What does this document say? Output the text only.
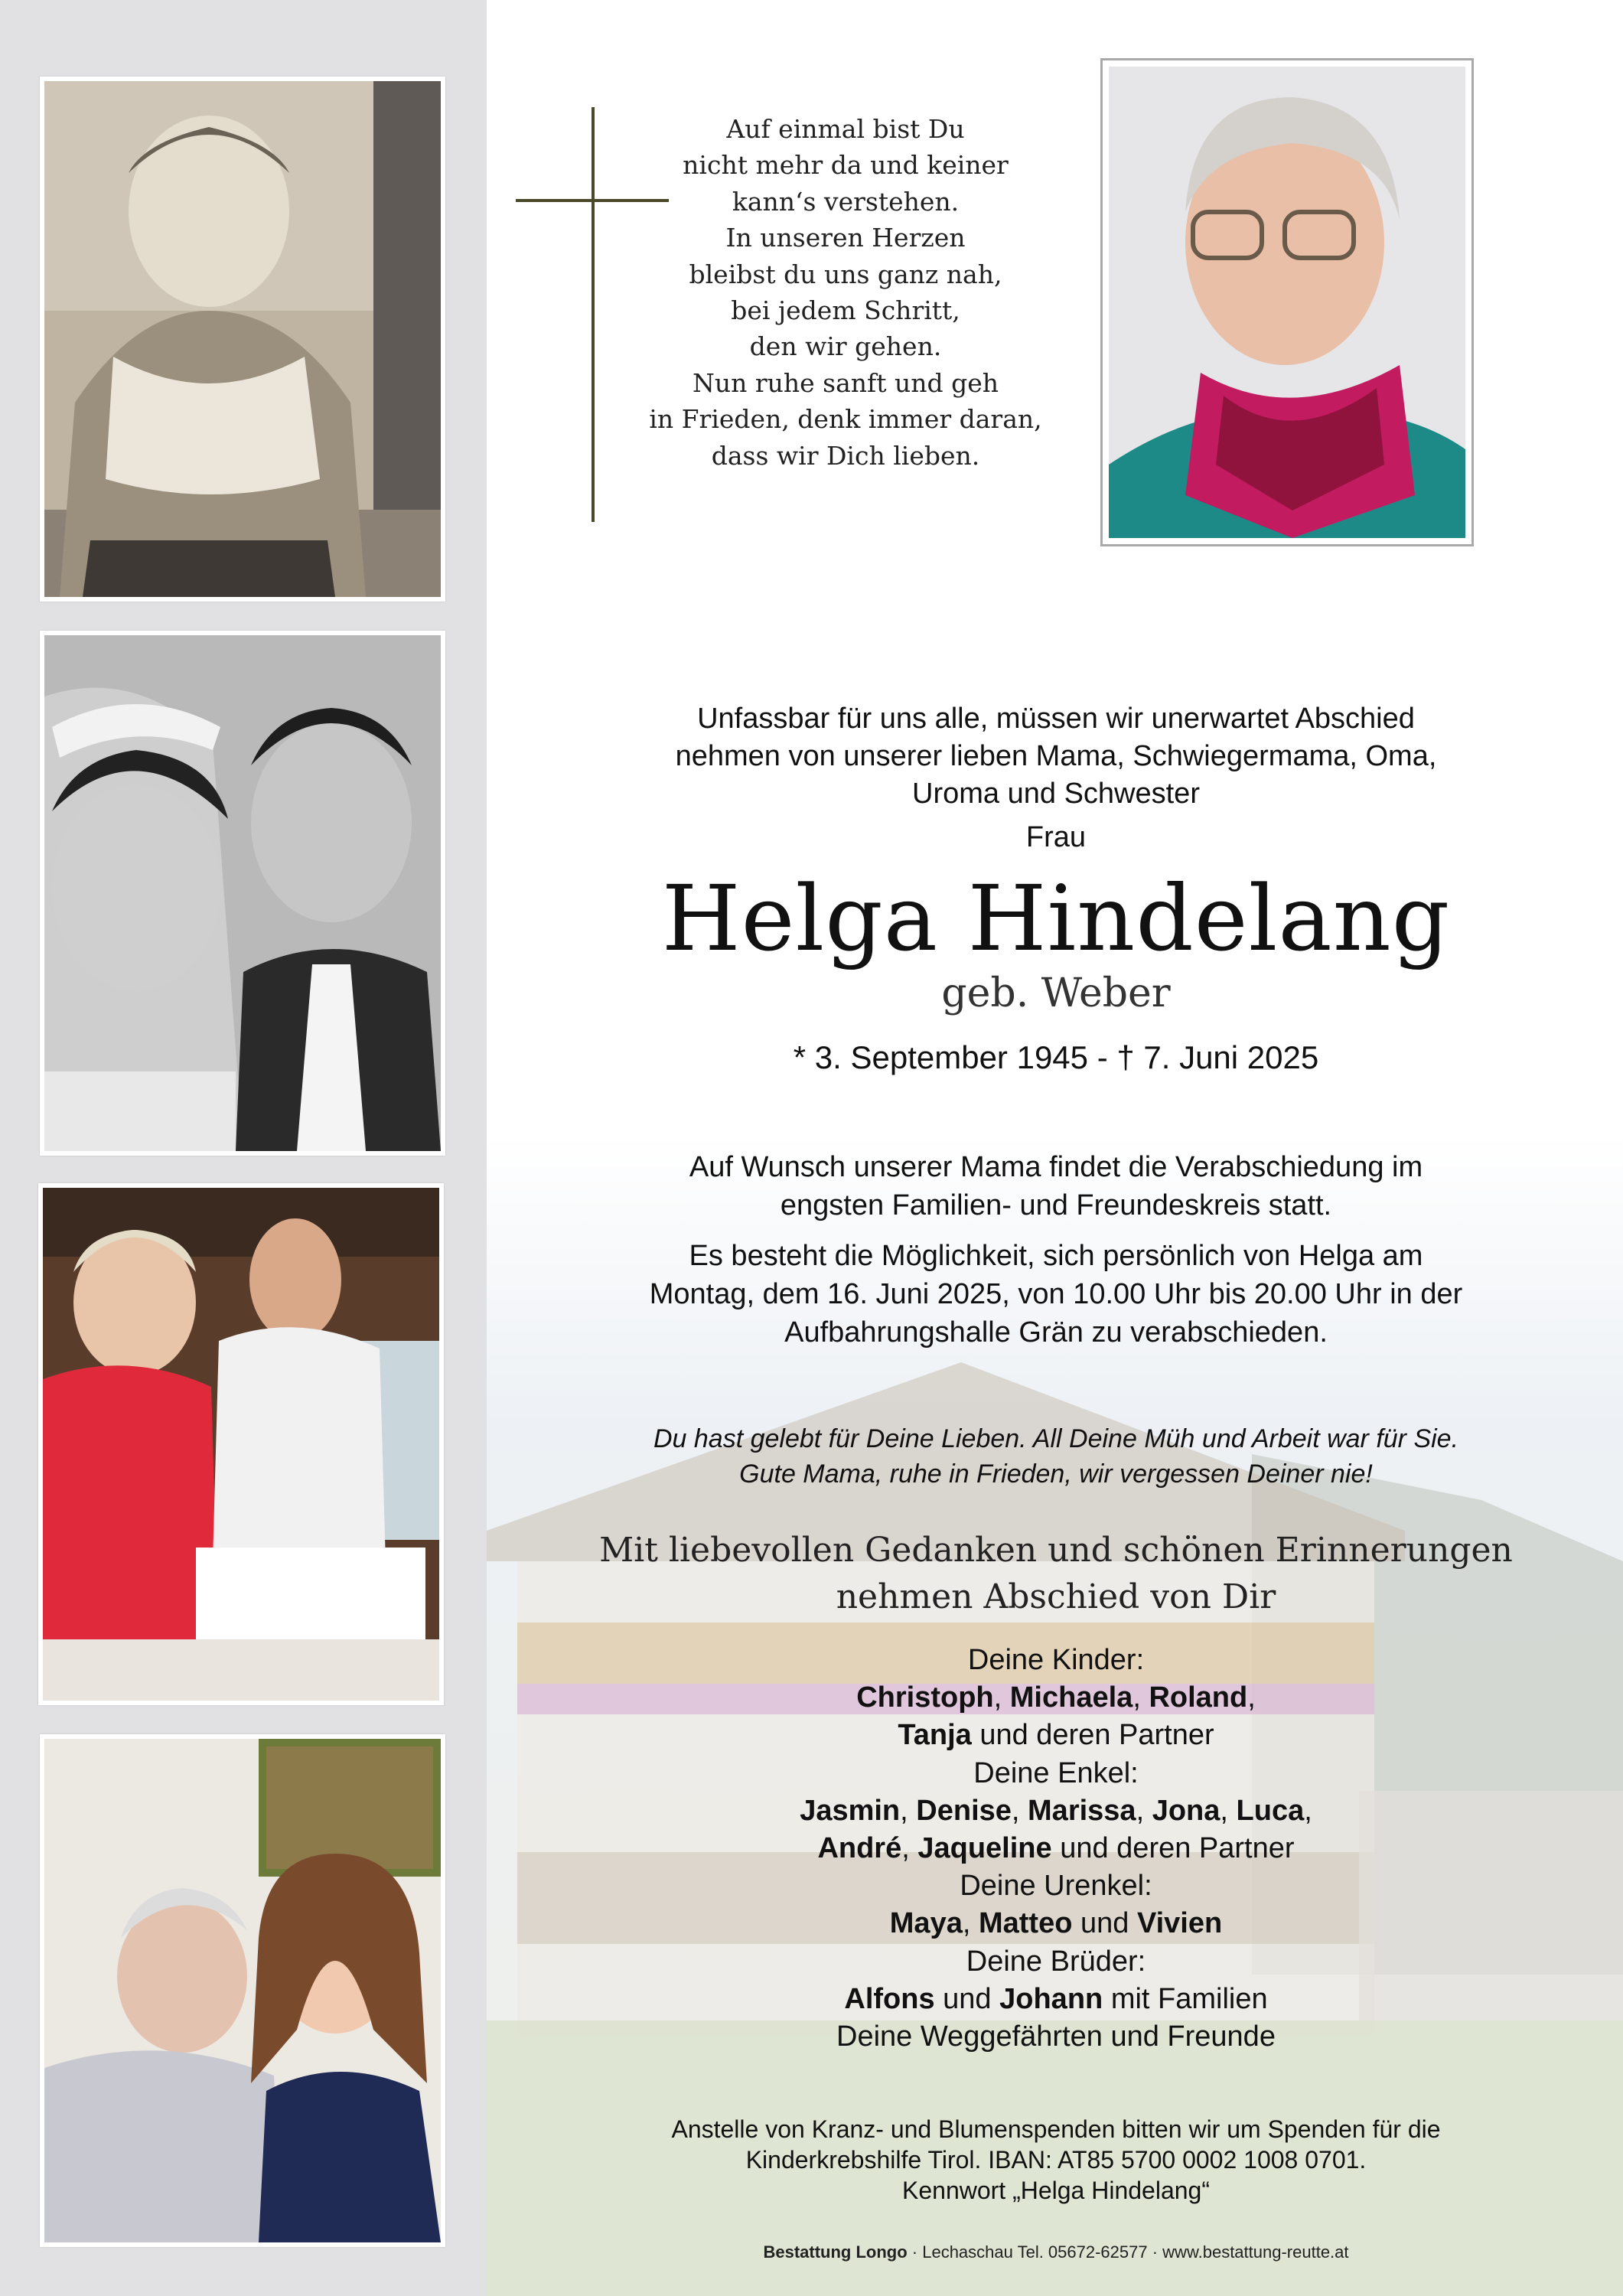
Auf einmal bist Du
nicht mehr da und keiner
kann‘s verstehen.
In unseren Herzen
bleibst du uns ganz nah,
bei jedem Schritt,
den wir gehen.
Nun ruhe sanft und geh
in Frieden, denk immer daran,
dass wir Dich lieben.
Unfassbar für uns alle, müssen wir unerwartet Abschied
nehmen von unserer lieben Mama, Schwiegermama, Oma,
Uroma und Schwester
Frau
Helga Hindelang
geb. Weber
* 3. September 1945 - † 7. Juni 2025
Auf Wunsch unserer Mama findet die Verabschiedung im
engsten Familien- und Freundeskreis statt.
Es besteht die Möglichkeit, sich persönlich von Helga am
Montag, dem 16. Juni 2025, von 10.00 Uhr bis 20.00 Uhr in der
Aufbahrungshalle Grän zu verabschieden.
Du hast gelebt für Deine Lieben. All Deine Müh und Arbeit war für Sie.
Gute Mama, ruhe in Frieden, wir vergessen Deiner nie!
Mit liebevollen Gedanken und schönen Erinnerungen
nehmen Abschied von Dir
Deine Kinder:
Christoph, Michaela, Roland,
Tanja und deren Partner
Deine Enkel:
Jasmin, Denise, Marissa, Jona, Luca,
André, Jaqueline und deren Partner
Deine Urenkel:
Maya, Matteo und Vivien
Deine Brüder:
Alfons und Johann mit Familien
Deine Weggefährten und Freunde
Anstelle von Kranz- und Blumenspenden bitten wir um Spenden für die
Kinderkrebshilfe Tirol. IBAN: AT85 5700 0002 1008 0701.
Kennwort „Helga Hindelang“
Bestattung Longo · Lechaschau Tel. 05672-62577 · www.bestattung-reutte.at
